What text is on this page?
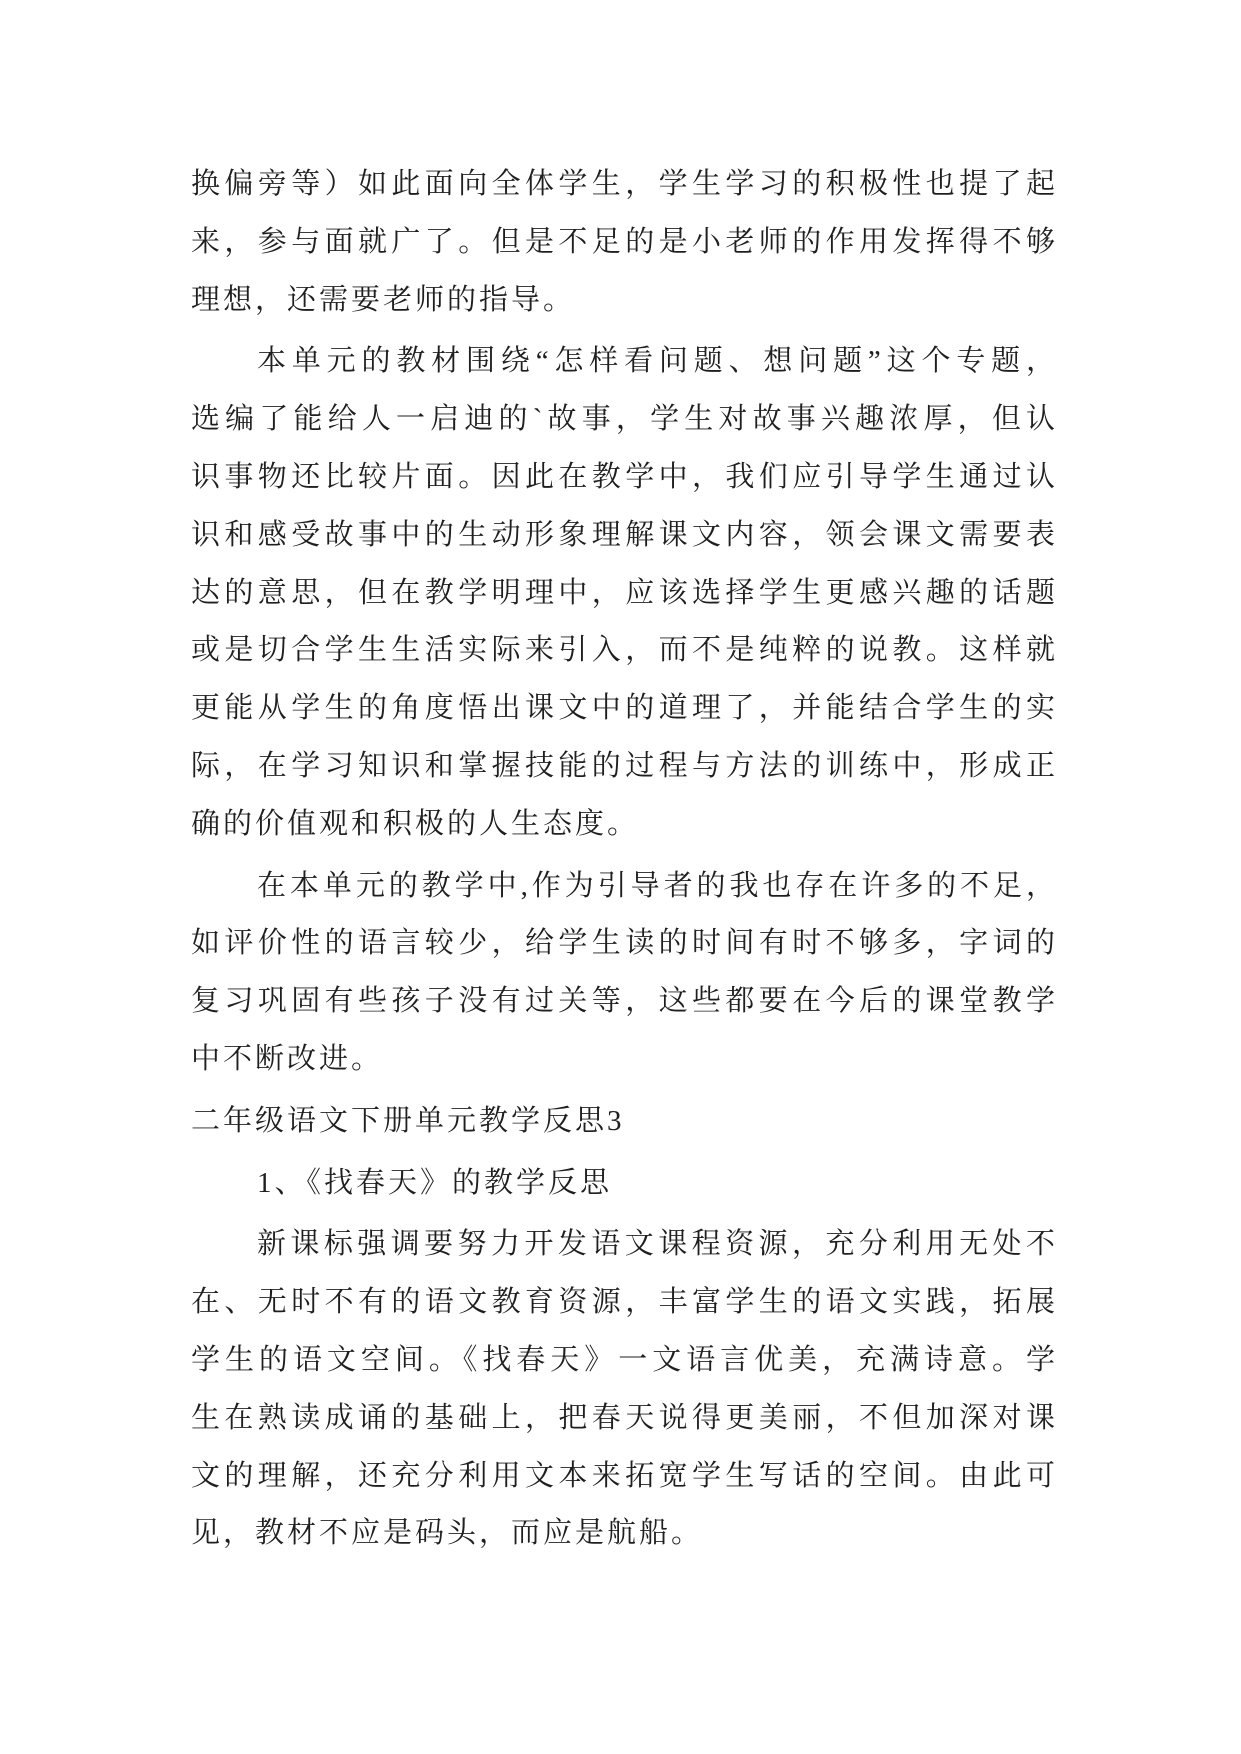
换偏旁等）如此面向全体学生，学生学习的积极性也提了起
来，参与面就广了。但是不足的是小老师的作用发挥得不够
理想，还需要老师的指导。
本单元的教材围绕“怎样看问题、想问题”这个专题，
选编了能给人一启迪的`故事，学生对故事兴趣浓厚，但认
识事物还比较片面。因此在教学中，我们应引导学生通过认
识和感受故事中的生动形象理解课文内容，领会课文需要表
达的意思，但在教学明理中，应该选择学生更感兴趣的话题
或是切合学生生活实际来引入，而不是纯粹的说教。这样就
更能从学生的角度悟出课文中的道理了，并能结合学生的实
际，在学习知识和掌握技能的过程与方法的训练中，形成正
确的价值观和积极的人生态度。
在本单元的教学中,作为引导者的我也存在许多的不足，
如评价性的语言较少，给学生读的时间有时不够多，字词的
复习巩固有些孩子没有过关等，这些都要在今后的课堂教学
中不断改进。
二年级语文下册单元教学反思3
1、《找春天》的教学反思
新课标强调要努力开发语文课程资源，充分利用无处不
在、无时不有的语文教育资源，丰富学生的语文实践，拓展
学生的语文空间。《找春天》一文语言优美，充满诗意。学
生在熟读成诵的基础上，把春天说得更美丽，不但加深对课
文的理解，还充分利用文本来拓宽学生写话的空间。由此可
见，教材不应是码头，而应是航船。
